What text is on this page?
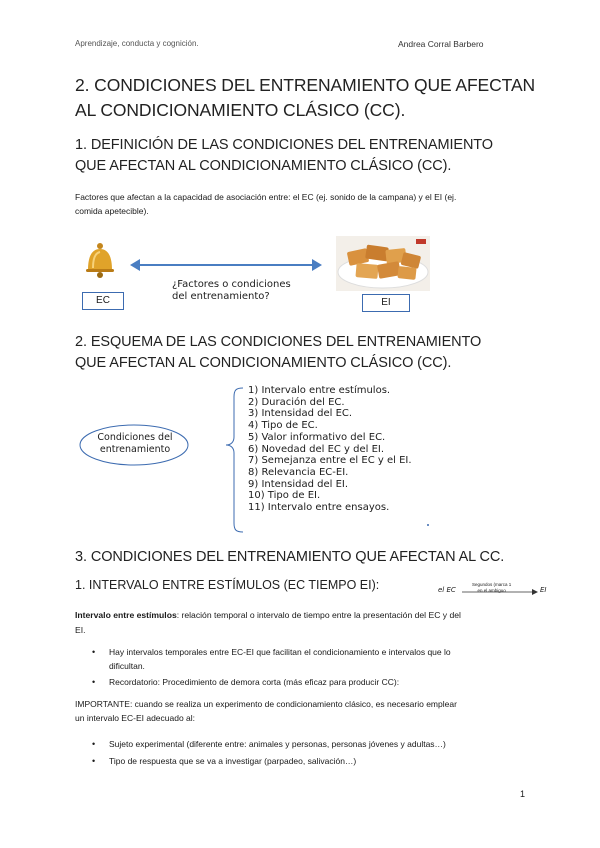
Aprendizaje, conducta y cognición.	Andrea Corral Barbero
2. CONDICIONES DEL ENTRENAMIENTO QUE AFECTAN
AL CONDICIONAMIENTO CLÁSICO (CC).
1. DEFINICIÓN DE LAS CONDICIONES DEL ENTRENAMIENTO
QUE AFECTAN AL CONDICIONAMIENTO CLÁSICO (CC).
Factores que afectan a la capacidad de asociación entre: el EC (ej. sonido de la campana) y el EI (ej.
comida apetecible).
EC
¿Factores o condiciones
del entrenamiento?
EI
2. ESQUEMA DE LAS CONDICIONES DEL ENTRENAMIENTO
QUE AFECTAN AL CONDICIONAMIENTO CLÁSICO (CC).
Condiciones del
entrenamiento
1) Intervalo entre estímulos.
2) Duración del EC.
3) Intensidad del EC.
4) Tipo de EC.
5) Valor informativo del EC.
6) Novedad del EC y del EI.
7) Semejanza entre el EC y el EI.
8) Relevancia EC-EI.
9) Intensidad del EI.
10) Tipo de EI.
11) Intervalo entre ensayos.
3. CONDICIONES DEL ENTRENAMIENTO QUE AFECTAN AL CC.
1. INTERVALO ENTRE ESTÍMULOS (EC TIEMPO EI):	el EC
Segundos (marca 1
en el ambiguo	EI
Intervalo entre estímulos: relación temporal o intervalo de tiempo entre la presentación del EC y del
EI.
• Hay intervalos temporales entre EC-EI que facilitan el condicionamiento e intervalos que lo
dificultan.
• Recordatorio: Procedimiento de demora corta (más eficaz para producir CC):
IMPORTANTE: cuando se realiza un experimento de condicionamiento clásico, es necesario emplear
un intervalo EC-EI adecuado al:
• Sujeto experimental (diferente entre: animales y personas, personas jóvenes y adultas…)
• Tipo de respuesta que se va a investigar (parpadeo, salivación…)
1
